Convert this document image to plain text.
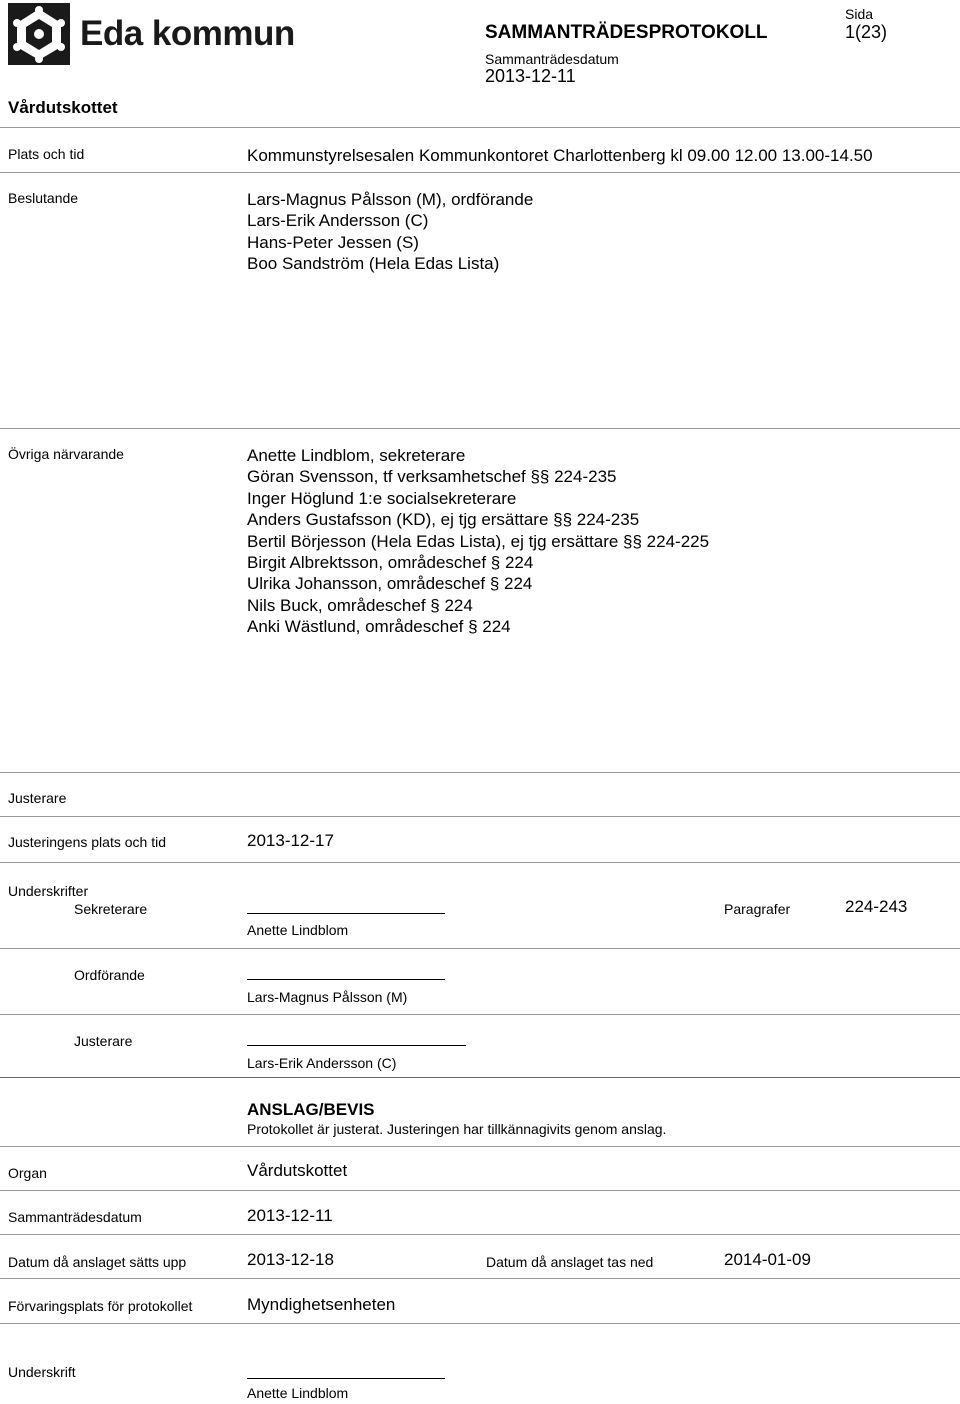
Eda kommun	SAMMANTRÄDESPROTOKOLL
Sammanträdesdatum
2013-12-11
Sida
1(23)
Vårdutskottet
Plats och tid	Kommunstyrelsesalen Kommunkontoret Charlottenberg kl 09.00 12.00 13.00-14.50
Beslutande	Lars-Magnus Pålsson (M), ordförande
Lars-Erik Andersson (C)
Hans-Peter Jessen (S)
Boo Sandström (Hela Edas Lista)
Övriga närvarande	Anette Lindblom, sekreterare
Göran Svensson, tf verksamhetschef §§ 224-235
Inger Höglund 1:e socialsekreterare
Anders Gustafsson (KD), ej tjg ersättare §§ 224-235
Bertil Börjesson (Hela Edas Lista), ej tjg ersättare §§ 224-225
Birgit Albrektsson, områdeschef § 224
Ulrika Johansson, områdeschef § 224
Nils Buck, områdeschef § 224
Anki Wästlund, områdeschef § 224
Justerare
Justeringens plats och tid	2013-12-17
Underskrifter
Sekreterare
Anette Lindblom
Paragrafer	224-243
Ordförande
Lars-Magnus Pålsson (M)
Justerare
Lars-Erik Andersson (C)
ANSLAG/BEVIS
Protokollet är justerat. Justeringen har tillkännagivits genom anslag.
Organ	Vårdutskottet
Sammanträdesdatum	2013-12-11
Datum då anslaget sätts upp	2013-12-18	Datum då anslaget tas ned	2014-01-09
Förvaringsplats för protokollet	Myndighetsenheten
Underskrift
Anette Lindblom
